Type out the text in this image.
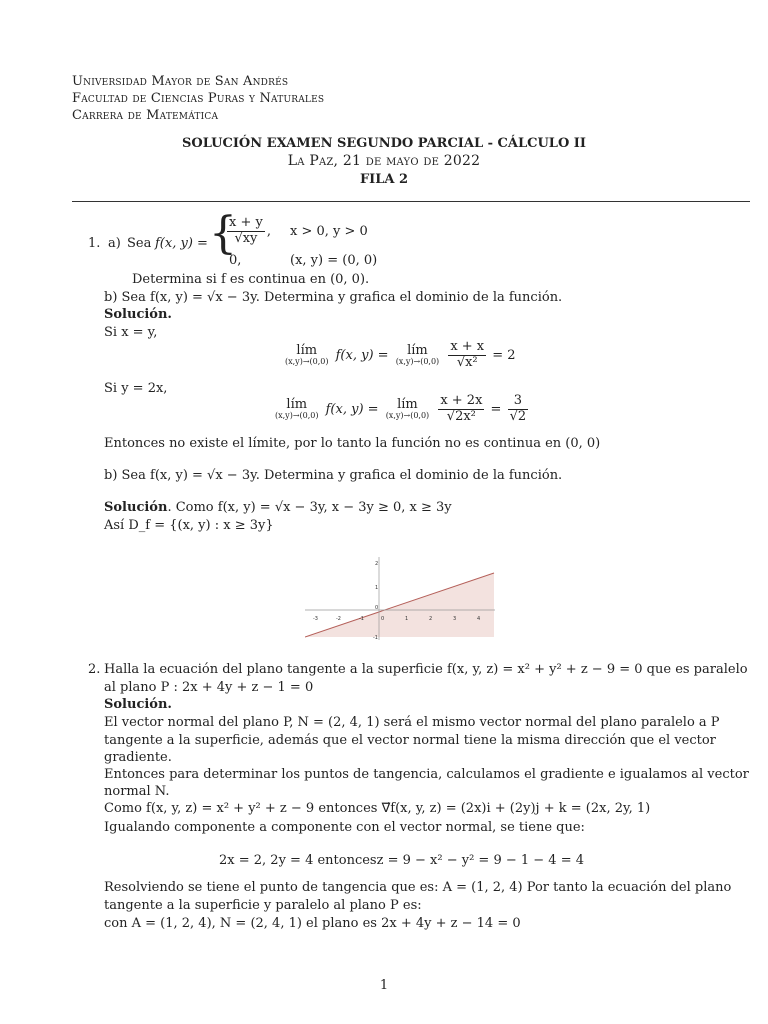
Universidad Mayor de San Andrés
Facultad de Ciencias Puras y Naturales
Carrera de Matemática
SOLUCIÓN EXAMEN SEGUNDO PARCIAL - CÁLCULO II
La Paz, 21 de mayo de 2022
FILA 2
1. a) Sea f(x, y) = {
$\frac{x + y}{√xy}$ , x > 0, y > 0
0,	(x, y) = (0, 0)
Determina si f es continua en (0, 0).
b) Sea f(x, y) = √x − 3y. Determina y grafica el dominio de la función.
Solución.
Si x = y,
lím
(x,y)→(0,0) f(x, y) = lím
(x,y)→(0,0)
$\frac{x + x}{\text{√x²}} = 2$
Si y = 2x,
lím
(x,y)→(0,0) f(x, y) = lím
(x,y)→(0,0)
$\frac{x + 2x}{\text{√2x²}} = \frac{3}{√2}$
Entonces no existe el límite, por lo tanto la función no es continua en (0, 0)
b) Sea f(x, y) = √x − 3y. Determina y grafica el dominio de la función.
Solución. Como f(x, y) = √x − 3y, x − 3y ≥ 0, x ≥ 3y
Así D_f = {(x, y) : x ≥ 3y}
-3	-2	-1	0	1	2	3	4
2
1
0
-1
2. Halla la ecuación del plano tangente a la superficie f(x, y, z) = x² + y² + z − 9 = 0 que es paralelo
al plano P : 2x + 4y + z − 1 = 0
Solución.
El vector normal del plano P, N = (2, 4, 1) será el mismo vector normal del plano paralelo a P
tangente a la superficie, además que el vector normal tiene la misma dirección que el vector
gradiente.
Entonces para determinar los puntos de tangencia, calculamos el gradiente e igualamos al vector
normal N.
Como f(x, y, z) = x² + y² + z − 9 entonces ∇⃗f(x, y, z) = (2x)i + (2y)j + k = (2x, 2y, 1)
Igualando componente a componente con el vector normal, se tiene que:
2x = 2, 2y = 4 entoncesz = 9 − x² − y² = 9 − 1 − 4 = 4
Resolviendo se tiene el punto de tangencia que es: A = (1, 2, 4) Por tanto la ecuación del plano
tangente a la superficie y paralelo al plano P es:
con A = (1, 2, 4), N = (2, 4, 1) el plano es 2x + 4y + z − 14 = 0
1
